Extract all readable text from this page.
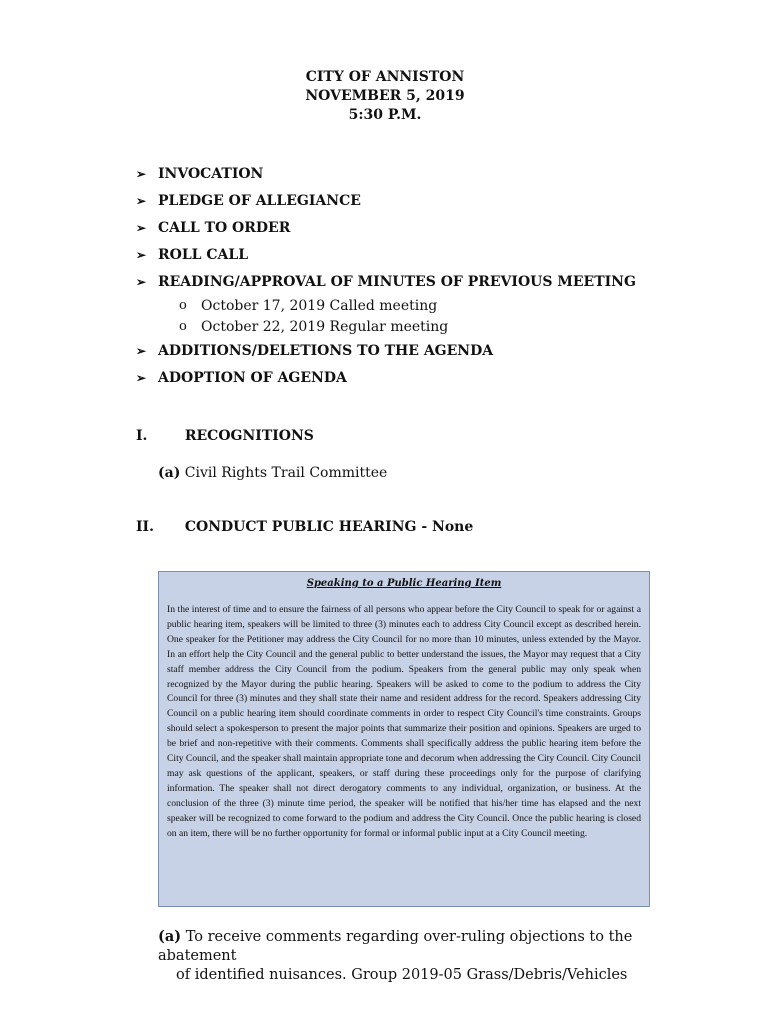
CITY OF ANNISTON
NOVEMBER 5, 2019
5:30 P.M.
➢ INVOCATION
➢ PLEDGE OF ALLEGIANCE
➢ CALL TO ORDER
➢ ROLL CALL
➢ READING/APPROVAL OF MINUTES OF PREVIOUS MEETING
o	October 17, 2019 Called meeting
o	October 22, 2019 Regular meeting
➢ ADDITIONS/DELETIONS TO THE AGENDA
➢ ADOPTION OF AGENDA
I.	RECOGNITIONS
(a) Civil Rights Trail Committee
II. CONDUCT PUBLIC HEARING - None
Speaking to a Public Hearing Item
In the interest of time and to ensure the fairness of all persons who appear before the City Council to speak for or against a public hearing item, speakers will be limited to three (3) minutes each to address City Council except as described herein. One speaker for the Petitioner may address the City Council for no more than 10 minutes, unless extended by the Mayor. In an effort help the City Council and the general public to better understand the issues, the Mayor may request that a City staff member address the City Council from the podium. Speakers from the general public may only speak when recognized by the Mayor during the public hearing. Speakers will be asked to come to the podium to address the City Council for three (3) minutes and they shall state their name and resident address for the record. Speakers addressing City Council on a public hearing item should coordinate comments in order to respect City Council's time constraints. Groups should select a spokesperson to present the major points that summarize their position and opinions. Speakers are urged to be brief and non-repetitive with their comments. Comments shall specifically address the public hearing item before the City Council, and the speaker shall maintain appropriate tone and decorum when addressing the City Council. City Council may ask questions of the applicant, speakers, or staff during these proceedings only for the purpose of clarifying information. The speaker shall not direct derogatory comments to any individual, organization, or business. At the conclusion of the three (3) minute time period, the speaker will be notified that his/her time has elapsed and the next speaker will be recognized to come forward to the podium and address the City Council. Once the public hearing is closed on an item, there will be no further opportunity for formal or informal public input at a City Council meeting.
(a) To receive comments regarding over-ruling objections to the abatement
of identified nuisances. Group 2019-05 Grass/Debris/Vehicles
